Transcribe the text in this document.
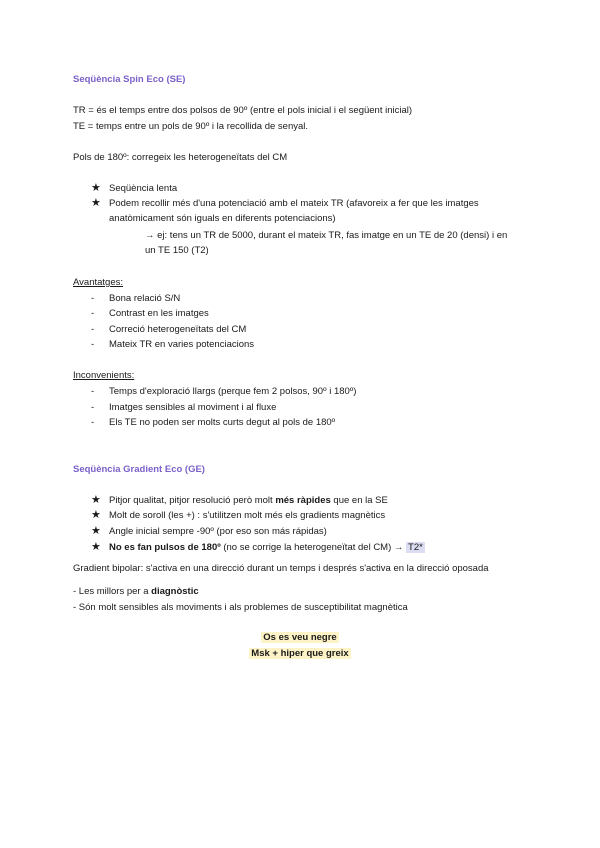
Seqüència Spin Eco (SE)
TR = és el temps entre dos polsos de 90º (entre el pols inicial i el següent inicial)
TE = temps entre un pols de 90º i la recollida de senyal.
Pols de 180º: corregeix les heterogeneïtats del CM
★ Seqüència lenta
★ Podem recollir més d'una potenciació amb el mateix TR (afavoreix a fer que les imatges
anatòmicament són iguals en diferents potenciacions)
→ ej: tens un TR de 5000, durant el mateix TR, fas imatge en un TE de 20 (densi) i en
un TE 150 (T2)
Avantatges:
- Bona relació S/N
- Contrast en les imatges
- Correció heterogeneïtats del CM
- Mateix TR en varies potenciacions
Inconvenients:
- Temps d'exploració llargs (perque fem 2 polsos, 90º i 180º)
- Imatges sensibles al moviment i al fluxe
- Els TE no poden ser molts curts degut al pols de 180º
Seqüència Gradient Eco (GE)
★ Pitjor qualitat, pitjor resolució però molt més ràpides que en la SE
★ Molt de soroll (les +) : s'utilitzen molt més els gradients magnètics
★ Angle inicial sempre -90º (por eso son más rápidas)
★ No es fan pulsos de 180º (no se corrige la heterogeneïtat del CM) → T2*
Gradient bipolar: s'activa en una direcció durant un temps i després s'activa en la direcció oposada
- Les millors per a diagnòstic
- Són molt sensibles als moviments i als problemes de susceptibilitat magnètica
Os es veu negre
Msk + hiper que greix
